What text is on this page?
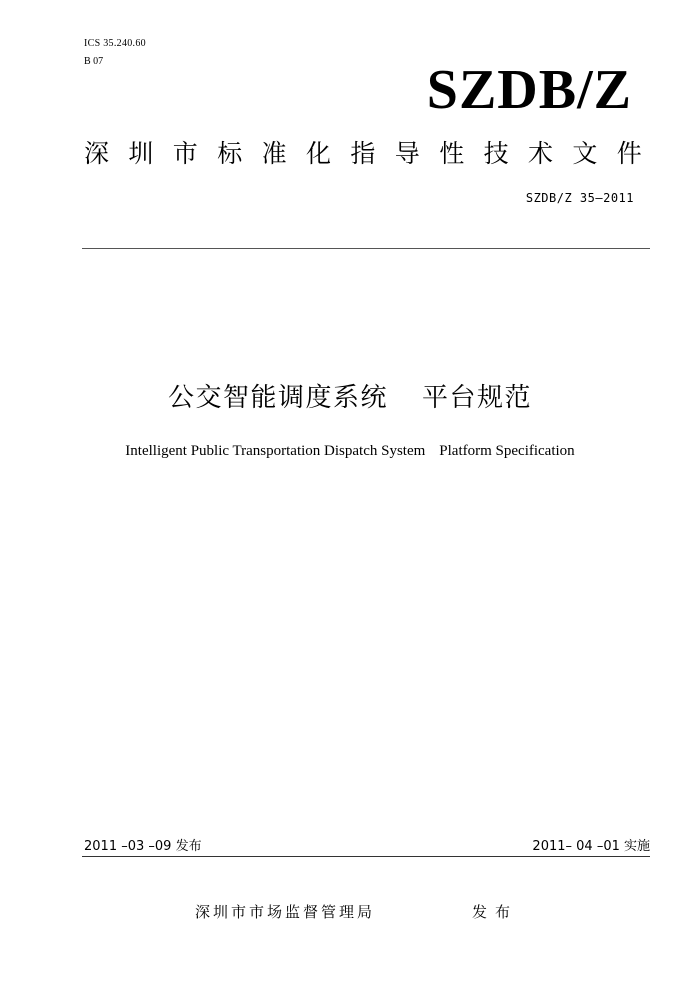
ICS 35.240.60
B 07	SZDB/Z
深圳市标准化指导性技术文件
SZDB/Z 35—2011
公交智能调度系统 平台规范
Intelligent Public Transportation Dispatch System Platform Specification
2011 –03 –09 发布	2011– 04 –01 实施
深圳市市场监督管理局	发布
